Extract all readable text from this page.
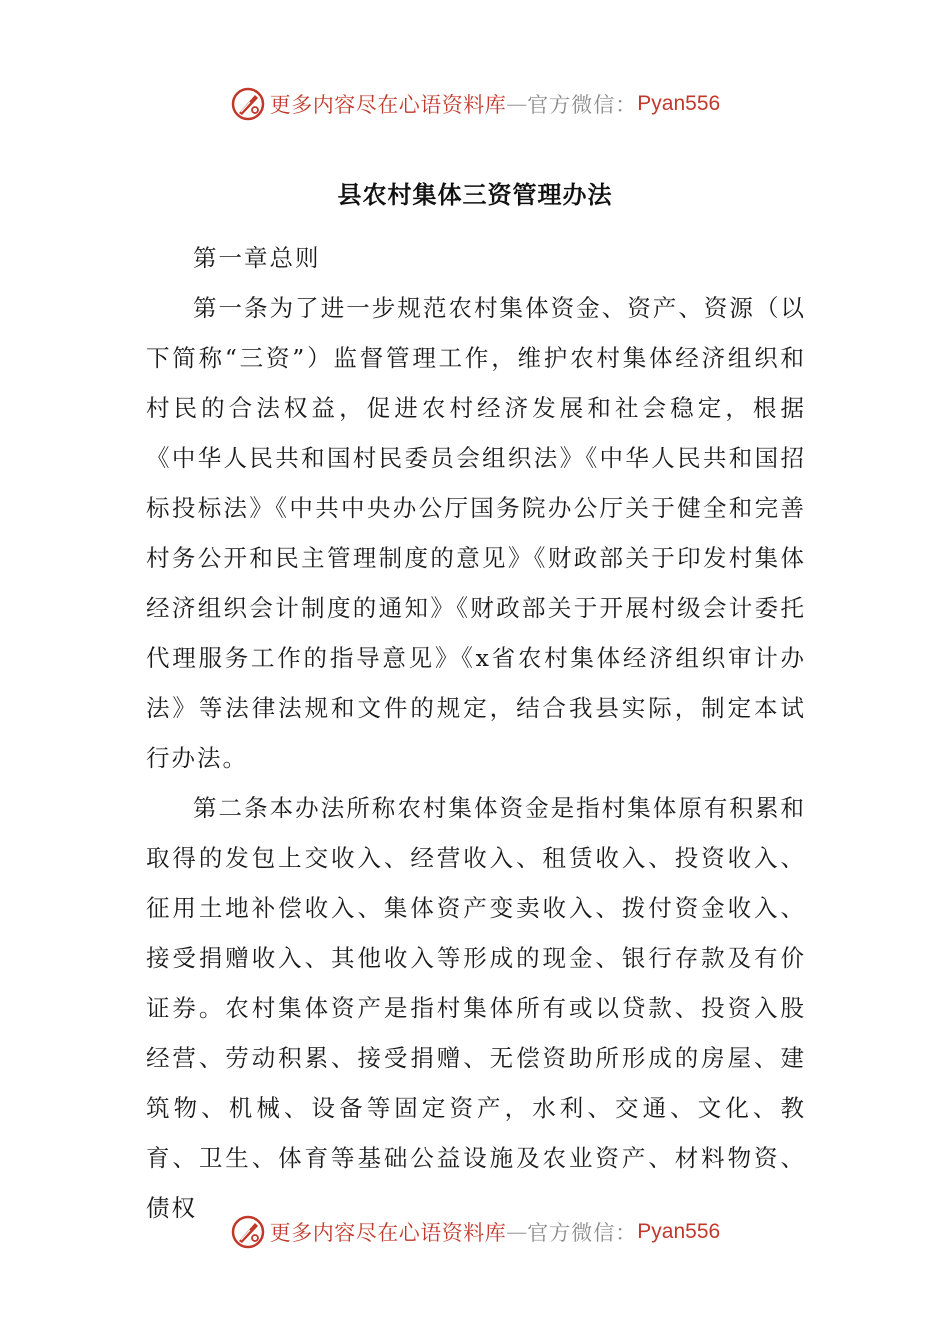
更多内容尽在心语资料库 — 官方微信： Pyan556
县农村集体三资管理办法

第一章总则

第一条为了进一步规范农村集体资金、资产、资源（以下简称“三资”）监督管理工作，维护农村集体经济组织和村民的合法权益，促进农村经济发展和社会稳定，根据《中华人民共和国村民委员会组织法》《中华人民共和国招标投标法》《中共中央办公厅国务院办公厅关于健全和完善村务公开和民主管理制度的意见》《财政部关于印发村集体经济组织会计制度的通知》《财政部关于开展村级会计委托代理服务工作的指导意见》《x省农村集体经济组织审计办法》等法律法规和文件的规定，结合我县实际，制定本试行办法。

第二条本办法所称农村集体资金是指村集体原有积累和取得的发包上交收入、经营收入、租赁收入、投资收入、征用土地补偿收入、集体资产变卖收入、拨付资金收入、接受捐赠收入、其他收入等形成的现金、银行存款及有价证券。农村集体资产是指村集体所有或以贷款、投资入股经营、劳动积累、接受捐赠、无偿资助所形成的房屋、建筑物、机械、设备等固定资产，水利、交通、文化、教育、卫生、体育等基础公益设施及农业资产、材料物资、债权

更多内容尽在心语资料库 — 官方微信： Pyan556
